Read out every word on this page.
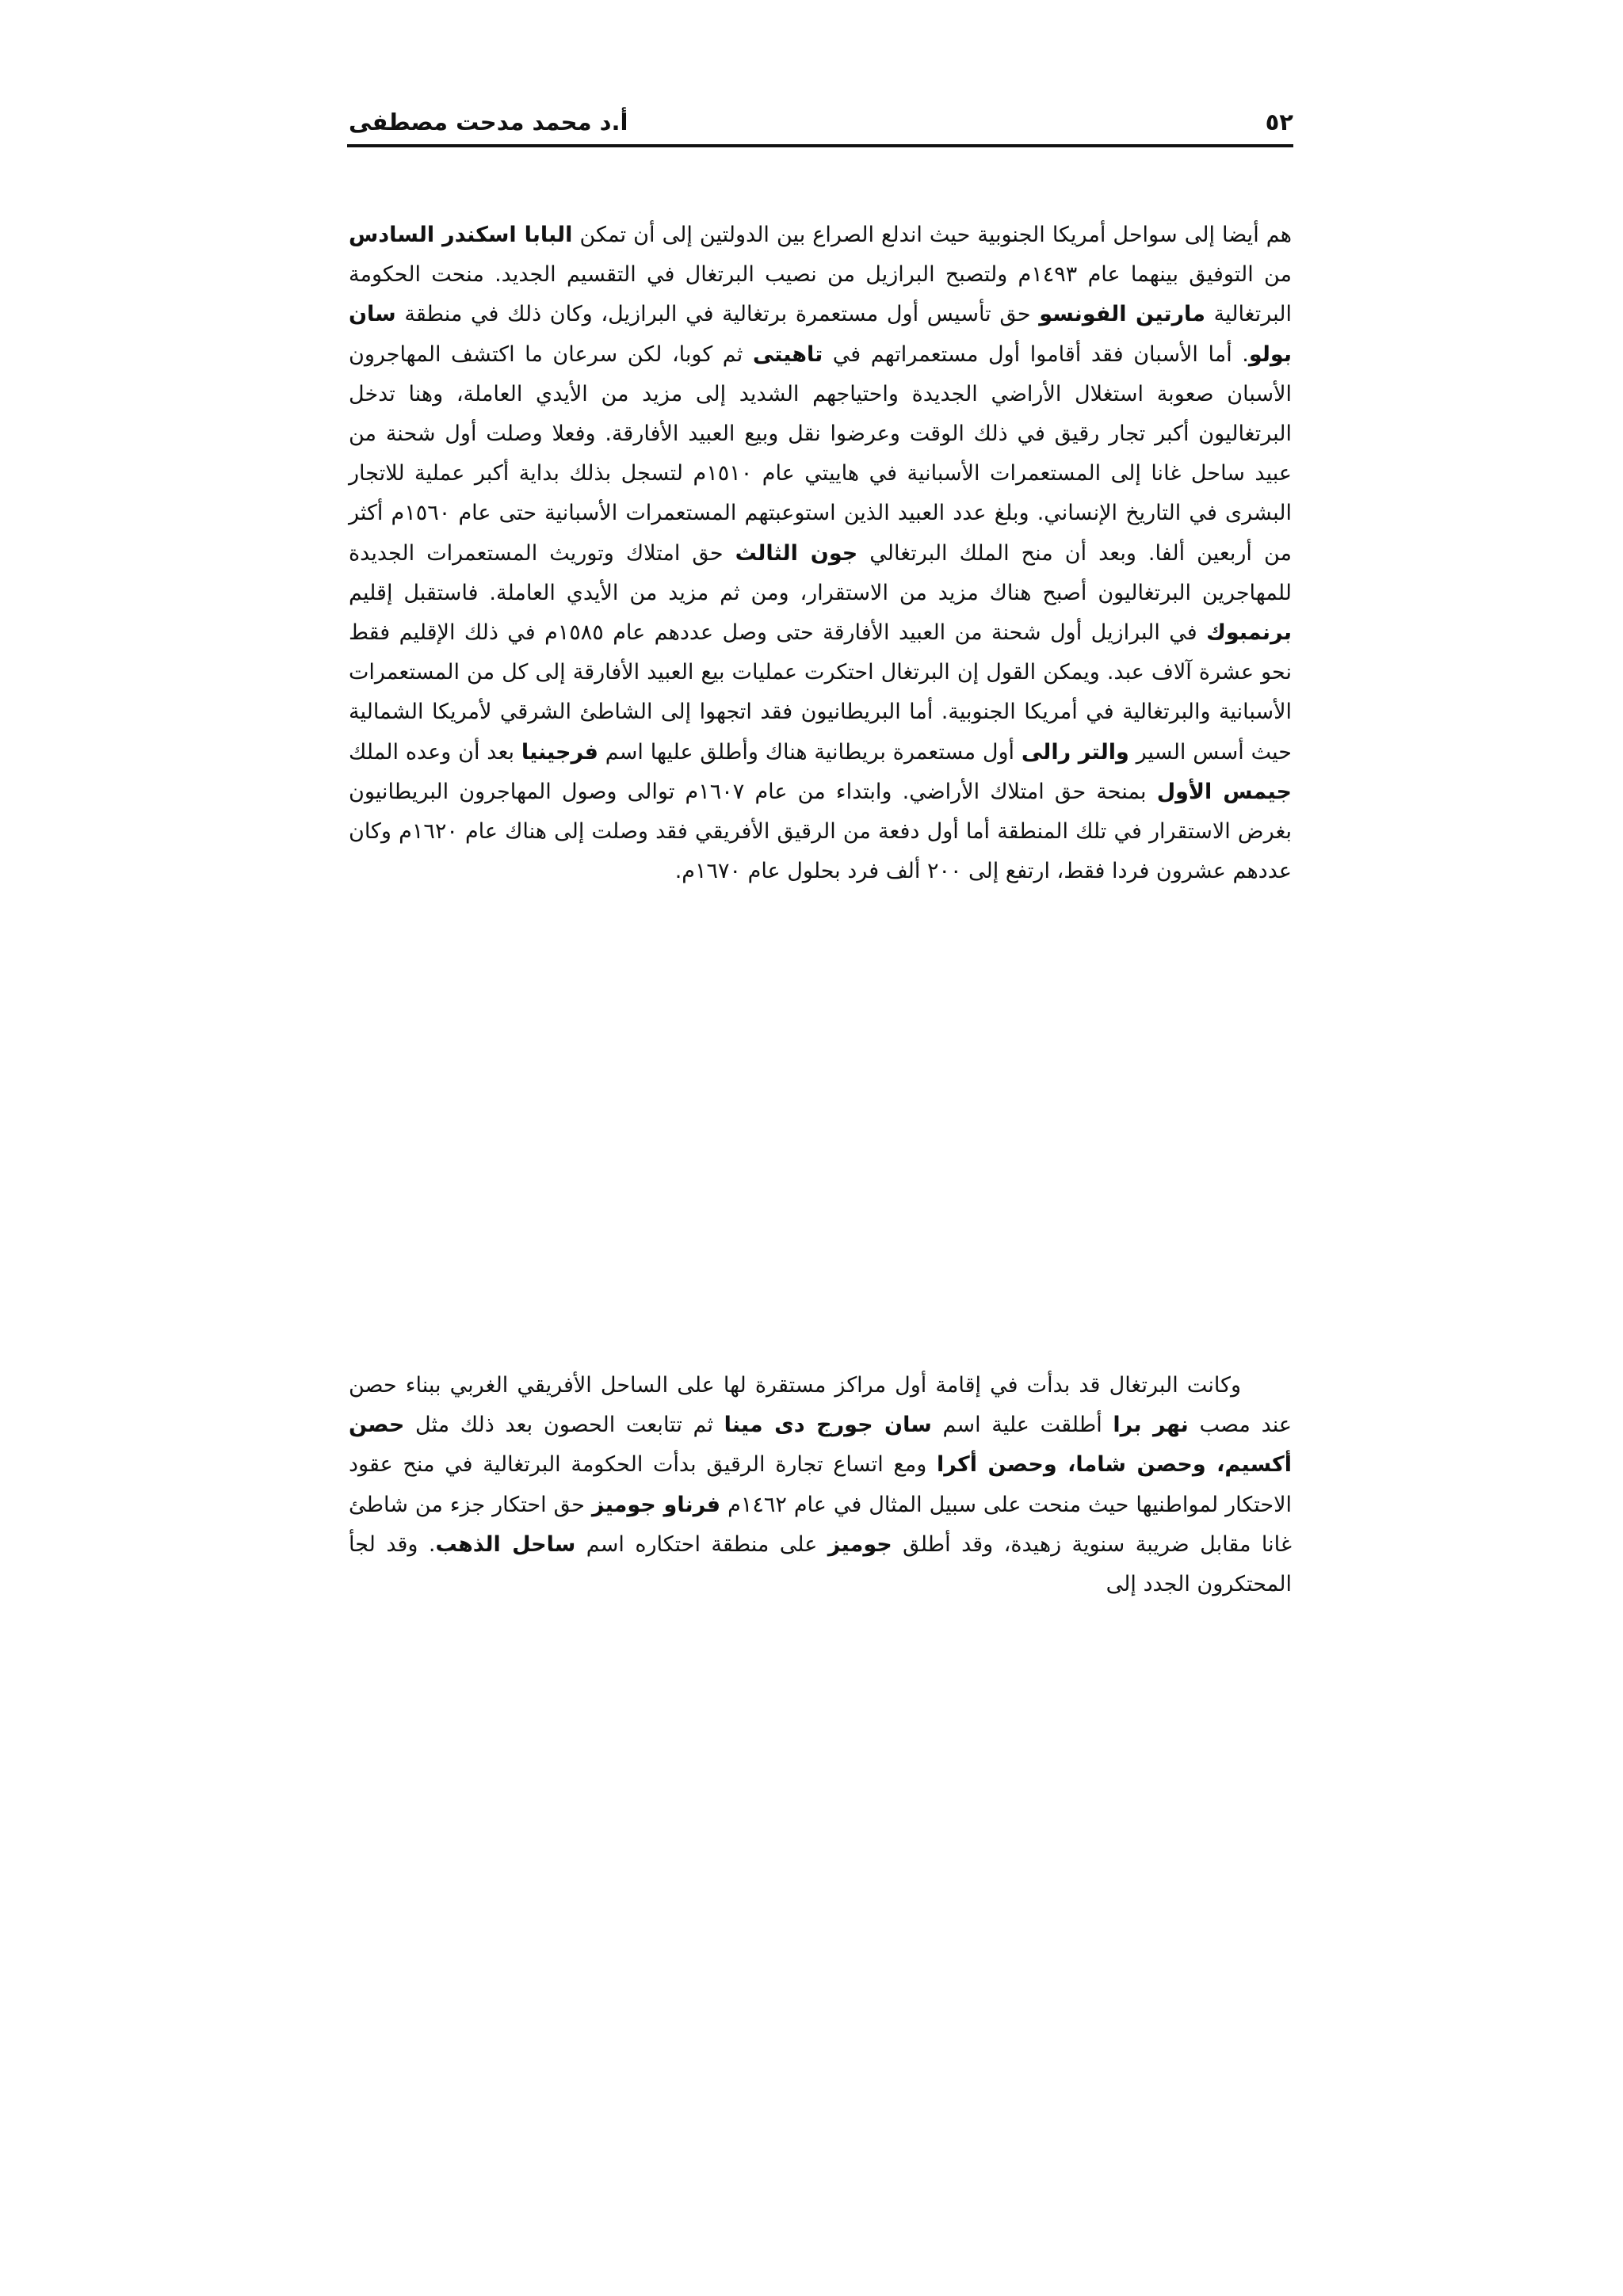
٥٢
أ.د محمد مدحت مصطفى

هم أيضا إلى سواحل أمريكا الجنوبية حيث اندلع الصراع بين الدولتين إلى أن تمكن البابا اسكندر السادس من التوفيق بينهما عام ١٤٩٣م ولتصبح البرازيل من نصيب البرتغال في التقسيم الجديد. منحت الحكومة البرتغالية مارتين الفونسو حق تأسيس أول مستعمرة برتغالية في البرازيل، وكان ذلك في منطقة سان بولو. أما الأسبان فقد أقاموا أول مستعمراتهم في تاهيتى ثم كوبا، لكن سرعان ما اكتشف المهاجرون الأسبان صعوبة استغلال الأراضي الجديدة واحتياجهم الشديد إلى مزيد من الأيدي العاملة، وهنا تدخل البرتغاليون أكبر تجار رقيق في ذلك الوقت وعرضوا نقل وبيع العبيد الأفارقة. وفعلا وصلت أول شحنة من عبيد ساحل غانا إلى المستعمرات الأسبانية في هاييتي عام ١٥١٠م لتسجل بذلك بداية أكبر عملية للاتجار البشرى في التاريخ الإنساني. وبلغ عدد العبيد الذين استوعبتهم المستعمرات الأسبانية حتى عام ١٥٦٠م أكثر من أربعين ألفا. وبعد أن منح الملك البرتغالي جون الثالث حق امتلاك وتوريث المستعمرات الجديدة للمهاجرين البرتغاليون أصبح هناك مزيد من الاستقرار، ومن ثم مزيد من الأيدي العاملة. فاستقبل إقليم برنمبوك في البرازيل أول شحنة من العبيد الأفارقة حتى وصل عددهم عام ١٥٨٥م في ذلك الإقليم فقط نحو عشرة آلاف عبد. ويمكن القول إن البرتغال احتكرت عمليات بيع العبيد الأفارقة إلى كل من المستعمرات الأسبانية والبرتغالية في أمريكا الجنوبية. أما البريطانيون فقد اتجهوا إلى الشاطئ الشرقي لأمريكا الشمالية حيث أسس السير والتر رالى أول مستعمرة بريطانية هناك وأطلق عليها اسم فرجينيا بعد أن وعده الملك جيمس الأول بمنحة حق امتلاك الأراضي. وابتداء من عام ١٦٠٧م توالى وصول المهاجرون البريطانيون بغرض الاستقرار في تلك المنطقة أما أول دفعة من الرقيق الأفريقي فقد وصلت إلى هناك عام ١٦٢٠م وكان عددهم عشرون فردا فقط، ارتفع إلى ٢٠٠ ألف فرد بحلول عام ١٦٧٠م.

وكانت البرتغال قد بدأت في إقامة أول مراكز مستقرة لها على الساحل الأفريقي الغربي ببناء حصن عند مصب نهر برا أطلقت علية اسم سان جورج دى مينا ثم تتابعت الحصون بعد ذلك مثل حصن أكسيم، وحصن شاما، وحصن أكرا ومع اتساع تجارة الرقيق بدأت الحكومة البرتغالية في منح عقود الاحتكار لمواطنيها حيث منحت على سبيل المثال في عام ١٤٦٢م فرناو جوميز حق احتكار جزء من شاطئ غانا مقابل ضريبة سنوية زهيدة، وقد أطلق جوميز على منطقة احتكاره اسم ساحل الذهب. وقد لجأ المحتكرون الجدد إلى
